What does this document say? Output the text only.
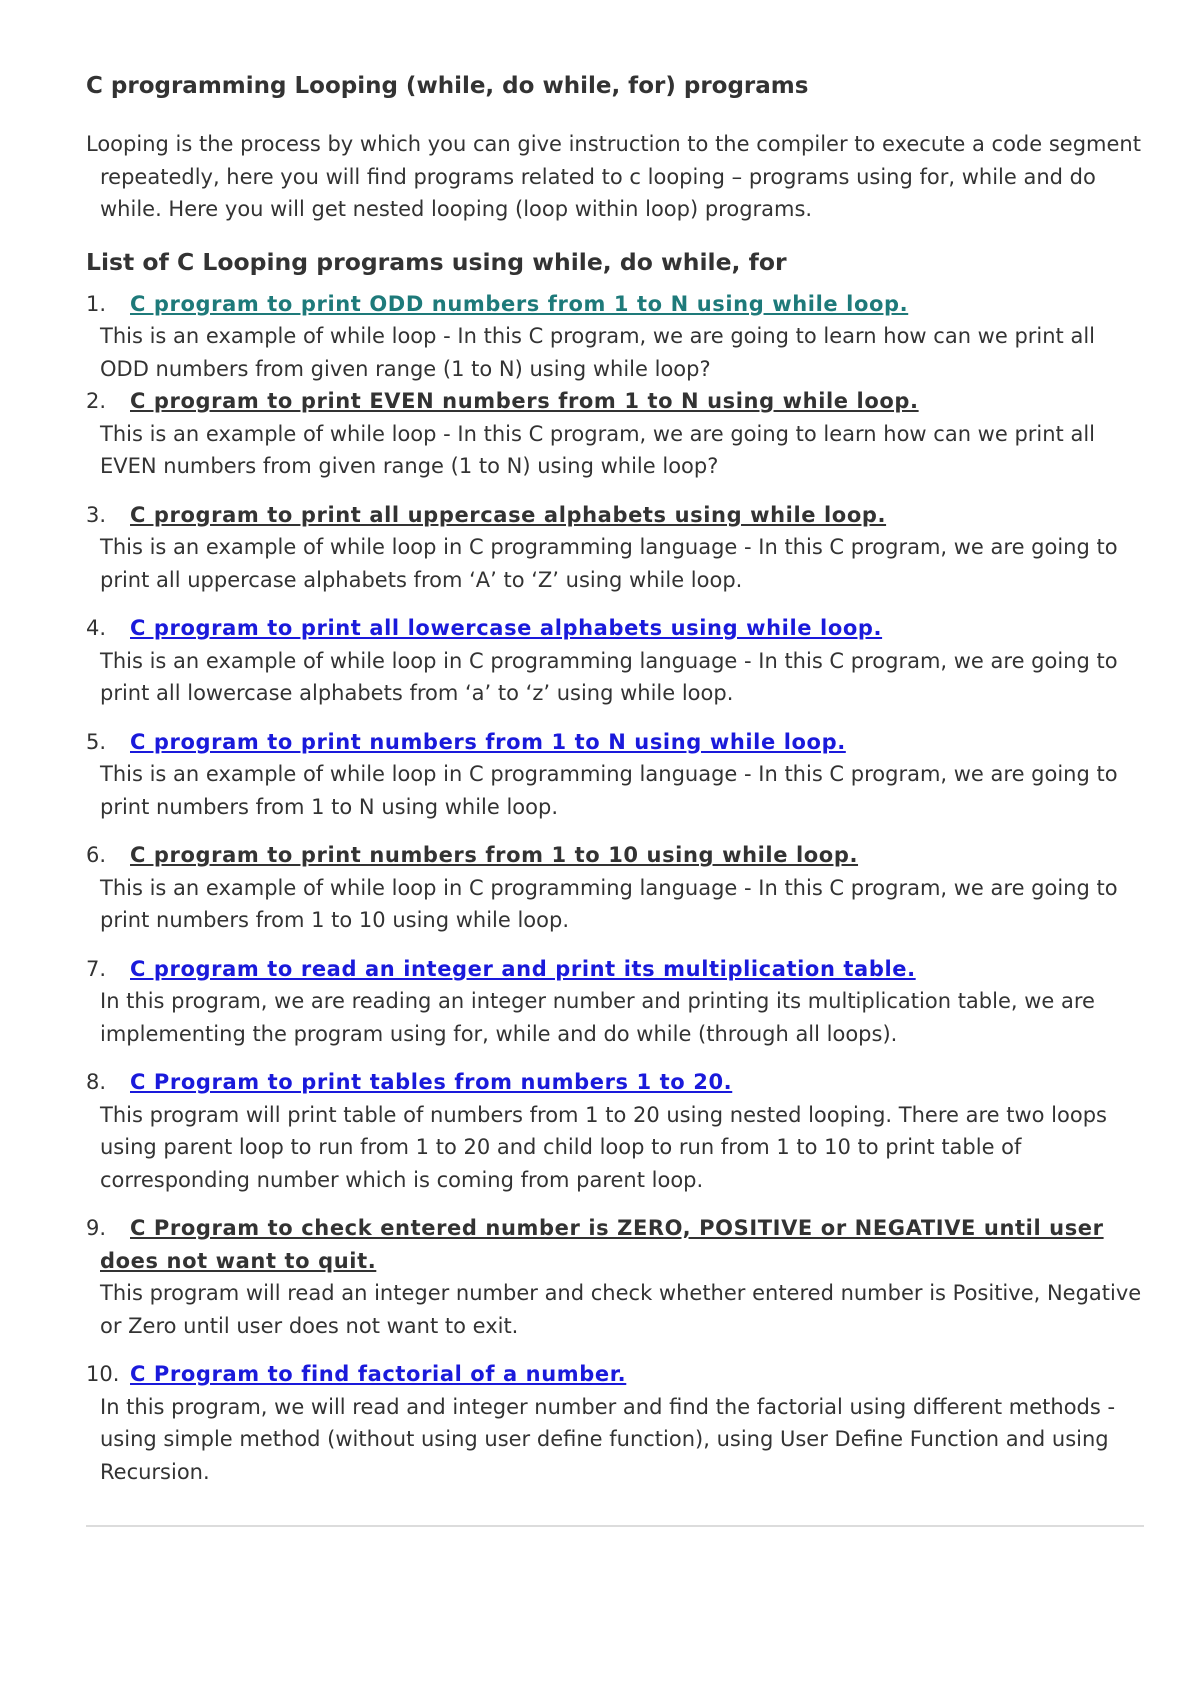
C programming Looping (while, do while, for) programs
Looping is the process by which you can give instruction to the compiler to execute a code segment repeatedly, here you will find programs related to c looping – programs using for, while and do while. Here you will get nested looping (loop within loop) programs.
List of C Looping programs using while, do while, for
1. C program to print ODD numbers from 1 to N using while loop.
This is an example of while loop - In this C program, we are going to learn how can we print all ODD numbers from given range (1 to N) using while loop?
2. C program to print EVEN numbers from 1 to N using while loop.
This is an example of while loop - In this C program, we are going to learn how can we print all EVEN numbers from given range (1 to N) using while loop?
3. C program to print all uppercase alphabets using while loop.
This is an example of while loop in C programming language - In this C program, we are going to print all uppercase alphabets from ‘A’ to ‘Z’ using while loop.
4. C program to print all lowercase alphabets using while loop.
This is an example of while loop in C programming language - In this C program, we are going to print all lowercase alphabets from ‘a’ to ‘z’ using while loop.
5. C program to print numbers from 1 to N using while loop.
This is an example of while loop in C programming language - In this C program, we are going to print numbers from 1 to N using while loop.
6. C program to print numbers from 1 to 10 using while loop.
This is an example of while loop in C programming language - In this C program, we are going to print numbers from 1 to 10 using while loop.
7. C program to read an integer and print its multiplication table.
In this program, we are reading an integer number and printing its multiplication table, we are implementing the program using for, while and do while (through all loops).
8. C Program to print tables from numbers 1 to 20.
This program will print table of numbers from 1 to 20 using nested looping. There are two loops using parent loop to run from 1 to 20 and child loop to run from 1 to 10 to print table of corresponding number which is coming from parent loop.
9. C Program to check entered number is ZERO, POSITIVE or NEGATIVE until user does not want to quit.
This program will read an integer number and check whether entered number is Positive, Negative or Zero until user does not want to exit.
10. C Program to find factorial of a number.
In this program, we will read and integer number and find the factorial using different methods - using simple method (without using user define function), using User Define Function and using Recursion.
